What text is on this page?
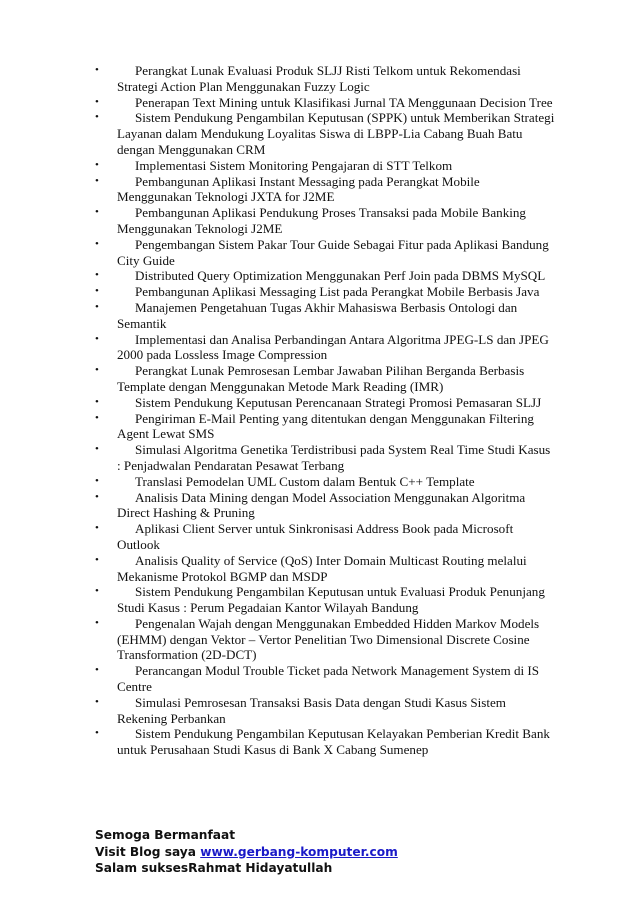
•	Perangkat Lunak Evaluasi Produk SLJJ Risti Telkom untuk Rekomendasi Strategi Action Plan Menggunakan Fuzzy Logic
•	Penerapan Text Mining untuk Klasifikasi Jurnal TA Menggunaan Decision Tree
•	Sistem Pendukung Pengambilan Keputusan (SPPK) untuk Memberikan Strategi Layanan dalam Mendukung Loyalitas Siswa di LBPP-Lia Cabang Buah Batu dengan Menggunakan CRM
•	Implementasi Sistem Monitoring Pengajaran di STT Telkom
•	Pembangunan Aplikasi Instant Messaging pada Perangkat Mobile Menggunakan Teknologi JXTA for J2ME
•	Pembangunan Aplikasi Pendukung Proses Transaksi pada Mobile Banking Menggunakan Teknologi J2ME
•	Pengembangan Sistem Pakar Tour Guide Sebagai Fitur pada Aplikasi Bandung City Guide
•	Distributed Query Optimization Menggunakan Perf Join pada DBMS MySQL
•	Pembangunan Aplikasi Messaging List pada Perangkat Mobile Berbasis Java
•	Manajemen Pengetahuan Tugas Akhir Mahasiswa Berbasis Ontologi dan Semantik
•	Implementasi dan Analisa Perbandingan Antara Algoritma JPEG-LS dan JPEG 2000 pada Lossless Image Compression
•	Perangkat Lunak Pemrosesan Lembar Jawaban Pilihan Berganda Berbasis Template dengan Menggunakan Metode Mark Reading (IMR)
•	Sistem Pendukung Keputusan Perencanaan Strategi Promosi Pemasaran SLJJ
•	Pengiriman E-Mail Penting yang ditentukan dengan Menggunakan Filtering Agent Lewat SMS
•	Simulasi Algoritma Genetika Terdistribusi pada System Real Time Studi Kasus : Penjadwalan Pendaratan Pesawat Terbang
•	Translasi Pemodelan UML Custom dalam Bentuk C++ Template
•	Analisis Data Mining dengan Model Association Menggunakan Algoritma Direct Hashing & Pruning
•	Aplikasi Client Server untuk Sinkronisasi Address Book pada Microsoft Outlook
•	Analisis Quality of Service (QoS) Inter Domain Multicast Routing melalui Mekanisme Protokol BGMP dan MSDP
•	Sistem Pendukung Pengambilan Keputusan untuk Evaluasi Produk Penunjang Studi Kasus : Perum Pegadaian Kantor Wilayah Bandung
•	Pengenalan Wajah dengan Menggunakan Embedded Hidden Markov Models (EHMM) dengan Vektor – Vertor Penelitian Two Dimensional Discrete Cosine Transformation (2D-DCT)
•	Perancangan Modul Trouble Ticket pada Network Management System di IS Centre
•	Simulasi Pemrosesan Transaksi Basis Data dengan Studi Kasus Sistem Rekening Perbankan
•	Sistem Pendukung Pengambilan Keputusan Kelayakan Pemberian Kredit Bank untuk Perusahaan Studi Kasus di Bank X Cabang Sumenep
Semoga Bermanfaat
Visit Blog saya www.gerbang-komputer.com
Salam suksesRahmat Hidayatullah
